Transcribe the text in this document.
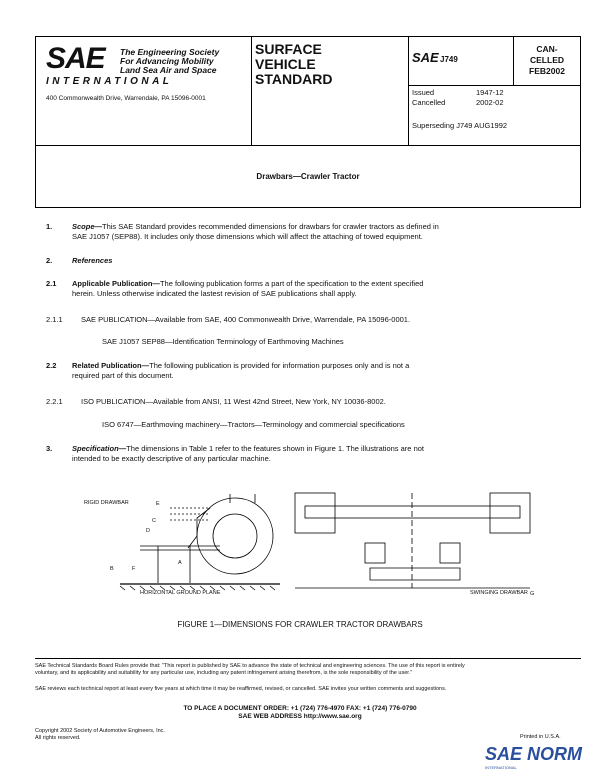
SAE The Engineering Society
For Advancing Mobility
Land Sea Air and Space
INTERNATIONAL
400 Commonwealth Drive, Warrendale, PA 15096-0001
SURFACE
VEHICLE
STANDARD
SAE J749
CAN-
CELLED
FEB2002
Issued	1947-12
Cancelled	2002-02
Superseding J749 AUG1992
Drawbars—Crawler Tractor
1.	Scope—This SAE Standard provides recommended dimensions for drawbars for crawler tractors as defined in
SAE J1057 (SEP88). It includes only those dimensions which will affect the attaching of towed equipment.
2.	References
2.1 Applicable Publication—The following publication forms a part of the specification to the extent specified
herein. Unless otherwise indicated the lastest revision of SAE publications shall apply.
2.1.1 SAE PUBLICATION—Available from SAE, 400 Commonwealth Drive, Warrendale, PA 15096-0001.
SAE J1057 SEP88—Identification Terminology of Earthmoving Machines
2.2 Related Publication—The following publication is provided for information purposes only and is not a
required part of this document.
2.2.1 ISO PUBLICATION—Available from ANSI, 11 West 42nd Street, New York, NY 10036-8002.
ISO 6747—Earthmoving machinery—Tractors—Terminology and commercial specifications
3.	Specification—The dimensions in Table 1 refer to the features shown in Figure 1. The illustrations are not
intended to be exactly descriptive of any particular machine.
RIGID DRAWBAR
HORIZONTAL GROUND PLANE	SWINGING DRAWBAR
A
B
C
D
E
F
G
FIGURE 1—DIMENSIONS FOR CRAWLER TRACTOR DRAWBARS
SAE Technical Standards Board Rules provide that: "This report is published by SAE to advance the state of technical and engineering sciences. The use of this report is entirely
voluntary, and its applicability and suitability for any particular use, including any patent infringement arising therefrom, is the sole responsibility of the user."
SAE reviews each technical report at least every five years at which time it may be reaffirmed, revised, or cancelled. SAE invites your written comments and suggestions.
TO PLACE A DOCUMENT ORDER: +1 (724) 776-4970 FAX: +1 (724) 776-0790
SAE WEB ADDRESS http://www.sae.org
Copyright 2002 Society of Automotive Engineers, Inc.
All rights reserved.	Printed in U.S.A.
SAE NORM
INTERNATIONAL
